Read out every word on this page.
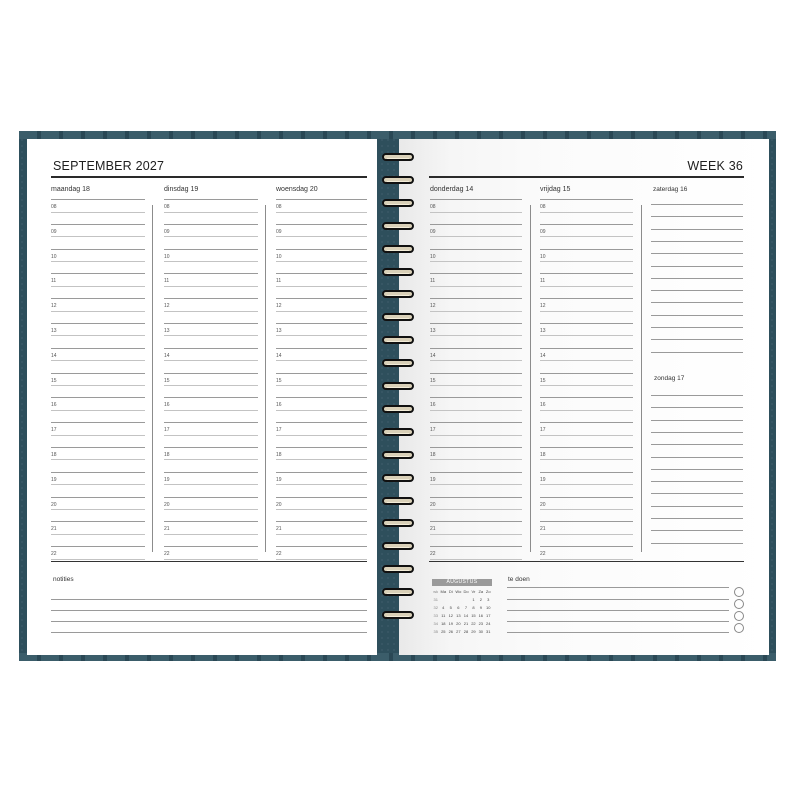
SEPTEMBER 2027
maandag 18
08
09
10
11
12
13
14
15
16
17
18
19
20
21
22
dinsdag 19
08
09
10
11
12
13
14
15
16
17
18
19
20
21
22
woensdag 20
08
09
10
11
12
13
14
15
16
17
18
19
20
21
22
notities
WEEK 36
donderdag 14
08
09
10
11
12
13
14
15
16
17
18
19
20
21
22
vrijdag 15
08
09
10
11
12
13
14
15
16
17
18
19
20
21
22
zaterdag 16
zondag 17
te doen
AUGUSTUS
wk	Ma	Di	Wo	Do	Vr	Za	Zo
31					1	2	3
32	4	5	6	7	8	9	10
33	11	12	13	14	15	16	17
34	18	19	20	21	22	23	24
35	25	26	27	28	29	30	31
